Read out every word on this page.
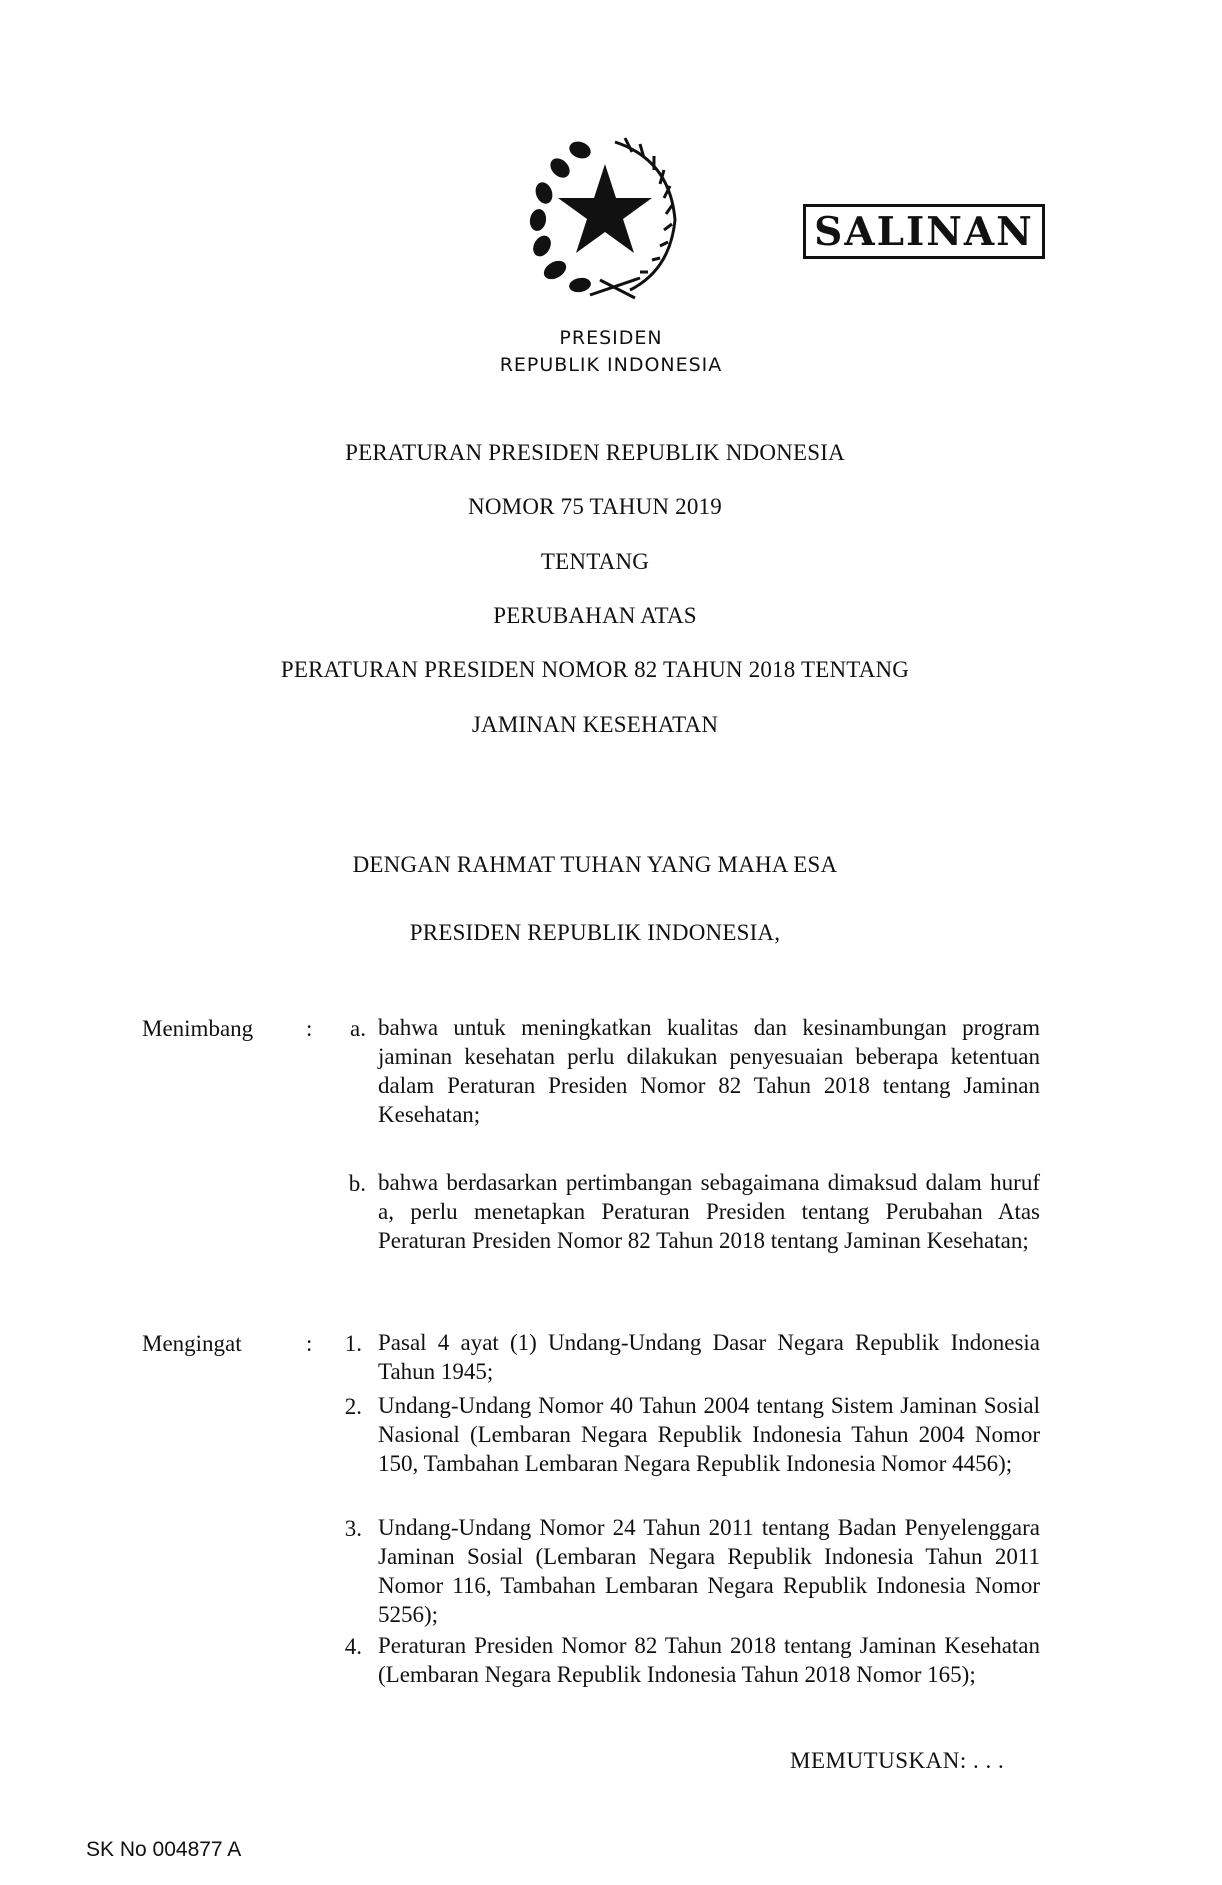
SALINAN
PRESIDEN
REPUBLIK INDONESIA
PERATURAN PRESIDEN REPUBLIK NDONESIA
NOMOR 75 TAHUN 2019
TENTANG
PERUBAHAN ATAS
PERATURAN PRESIDEN NOMOR 82 TAHUN 2018 TENTANG
JAMINAN KESEHATAN
DENGAN RAHMAT TUHAN YANG MAHA ESA
PRESIDEN REPUBLIK INDONESIA,
Menimbang :	a. bahwa untuk meningkatkan kualitas dan kesinambungan program jaminan kesehatan perlu dilakukan penyesuaian beberapa ketentuan dalam Peraturan Presiden Nomor 82 Tahun 2018 tentang Jaminan Kesehatan;
b. bahwa berdasarkan pertimbangan sebagaimana dimaksud dalam huruf a, perlu menetapkan Peraturan Presiden tentang Perubahan Atas Peraturan Presiden Nomor 82 Tahun 2018 tentang Jaminan Kesehatan;
Mengingat	:	1. Pasal 4 ayat (1) Undang-Undang Dasar Negara Republik Indonesia Tahun 1945;
2. Undang-Undang Nomor 40 Tahun 2004 tentang Sistem Jaminan Sosial Nasional (Lembaran Negara Republik Indonesia Tahun 2004 Nomor 150, Tambahan Lembaran Negara Republik Indonesia Nomor 4456);
3. Undang-Undang Nomor 24 Tahun 2011 tentang Badan Penyelenggara Jaminan Sosial (Lembaran Negara Republik Indonesia Tahun 2011 Nomor 116, Tambahan Lembaran Negara Republik Indonesia Nomor 5256);
4. Peraturan Presiden Nomor 82 Tahun 2018 tentang Jaminan Kesehatan (Lembaran Negara Republik Indonesia Tahun 2018 Nomor 165);
MEMUTUSKAN: . . .
SK No 004877 A
